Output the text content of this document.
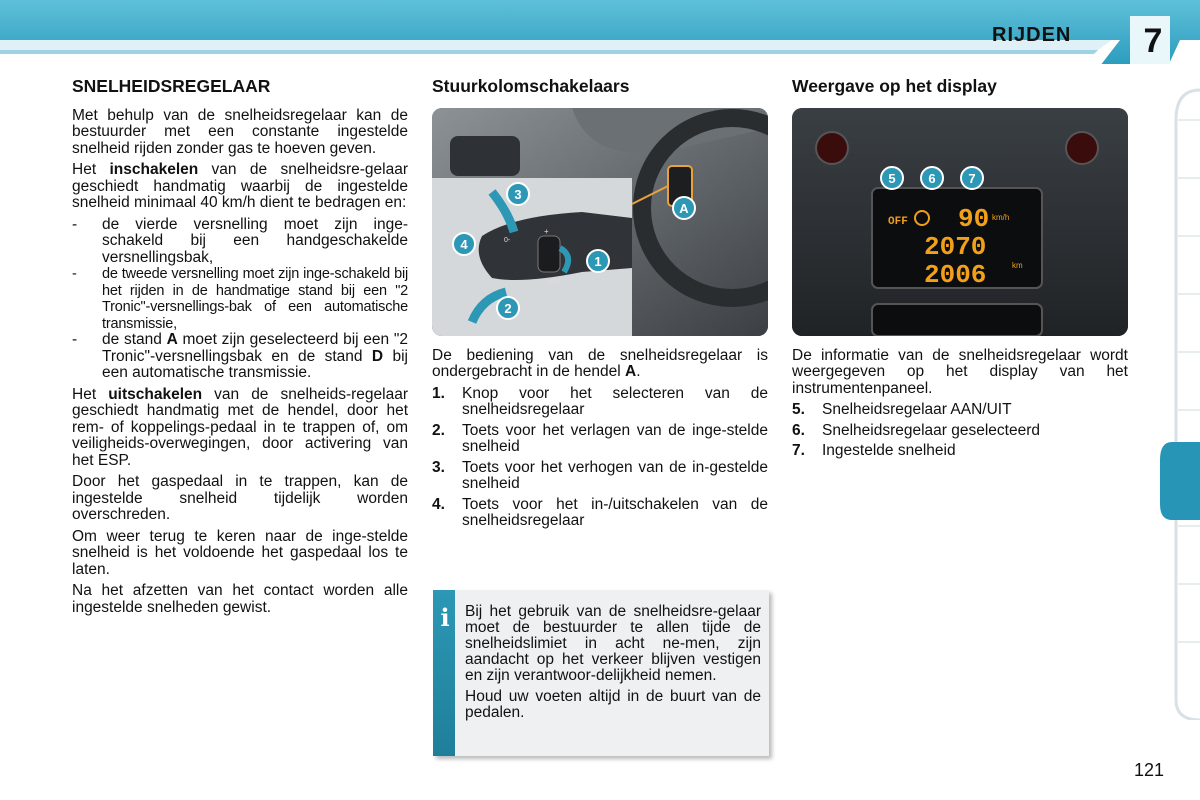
RIJDEN	7
SNELHEIDSREGELAAR

Met behulp van de snelheidsregelaar kan de bestuurder met een constante ingestelde snelheid rijden zonder gas te hoeven geven.

Het inschakelen van de snelheidsre-gelaar geschiedt handmatig waarbij de ingestelde snelheid minimaal 40 km/h dient te bedragen en:

- de vierde versnelling moet zijn inge-schakeld bij een handgeschakelde versnellingsbak,
- de tweede versnelling moet zijn inge-schakeld bij het rijden in de handmatige stand bij een "2 Tronic"-versnellings-bak of een automatische transmissie,
- de stand A moet zijn geselecteerd bij een "2 Tronic"-versnellingsbak en de stand D bij een automatische transmissie.

Het uitschakelen van de snelheids-regelaar geschiedt handmatig met de hendel, door het rem- of koppelings-pedaal in te trappen of, om veiligheids-overwegingen, door activering van het ESP.

Door het gaspedaal in te trappen, kan de ingestelde snelheid tijdelijk worden overschreden.

Om weer terug te keren naar de inge-stelde snelheid is het voldoende het gaspedaal los te laten.

Na het afzetten van het contact worden alle ingestelde snelheden gewist.

Stuurkolomschakelaars
3
4
1
2
A
0-
+
OFF

De bediening van de snelheidsregelaar is ondergebracht in de hendel A.

1. Knop voor het selecteren van de snelheidsregelaar
2. Toets voor het verlagen van de inge-stelde snelheid
3. Toets voor het verhogen van de in-gestelde snelheid
4. Toets voor het in-/uitschakelen van de snelheidsregelaar
Weergave op het display
5	6	7
OFF 90 km/h
2070
2006	km

De informatie van de snelheidsregelaar wordt weergegeven op het display van het instrumentenpaneel.

5. Snelheidsregelaar AAN/UIT
6. Snelheidsregelaar geselecteerd
7. Ingestelde snelheid
i Bij het gebruik van de snelheidsre-gelaar moet de bestuurder te allen tijde de snelheidslimiet in acht ne-men, zijn aandacht op het verkeer blijven vestigen en zijn verantwoor-delijkheid nemen.

Houd uw voeten altijd in de buurt van de pedalen.

121
